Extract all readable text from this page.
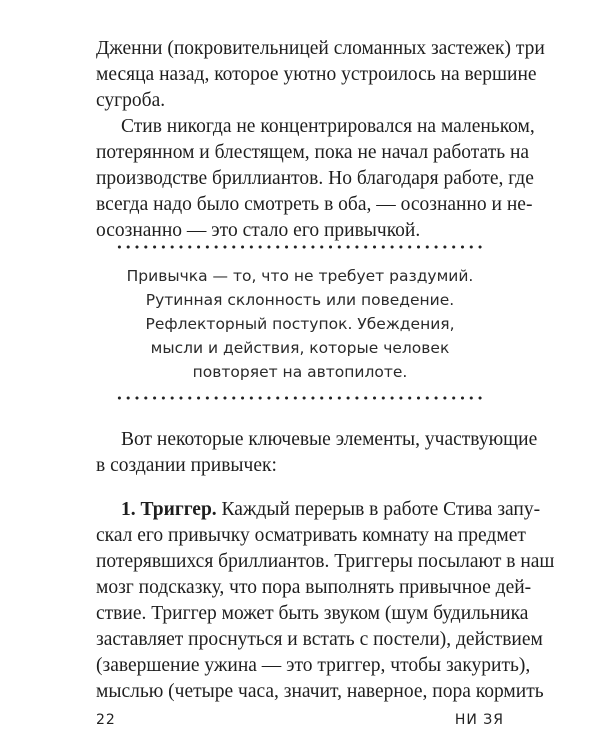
Дженни (покровительницей сломанных застежек) три
месяца назад, которое уютно устроилось на вершине
сугроба.
Стив никогда не концентрировался на маленьком,
потерянном и блестящем, пока не начал работать на
производстве бриллиантов. Но благодаря работе, где
всегда надо было смотреть в оба, — осознанно и не-
осознанно — это стало его привычкой.
Привычка — то, что не требует раздумий.
Рутинная склонность или поведение.
Рефлекторный поступок. Убеждения,
мысли и действия, которые человек
повторяет на автопилоте.
Вот некоторые ключевые элементы, участвующие
в создании привычек:
1. Триггер. Каждый перерыв в работе Стива запу-
скал его привычку осматривать комнату на предмет
потерявшихся бриллиантов. Триггеры посылают в наш
мозг подсказку, что пора выполнять привычное дей-
ствие. Триггер может быть звуком (шум будильника
заставляет проснуться и встать с постели), действием
(завершение ужина — это триггер, чтобы закурить),
мыслью (четыре часа, значит, наверное, пора кормить
22	НИ ЗЯ
